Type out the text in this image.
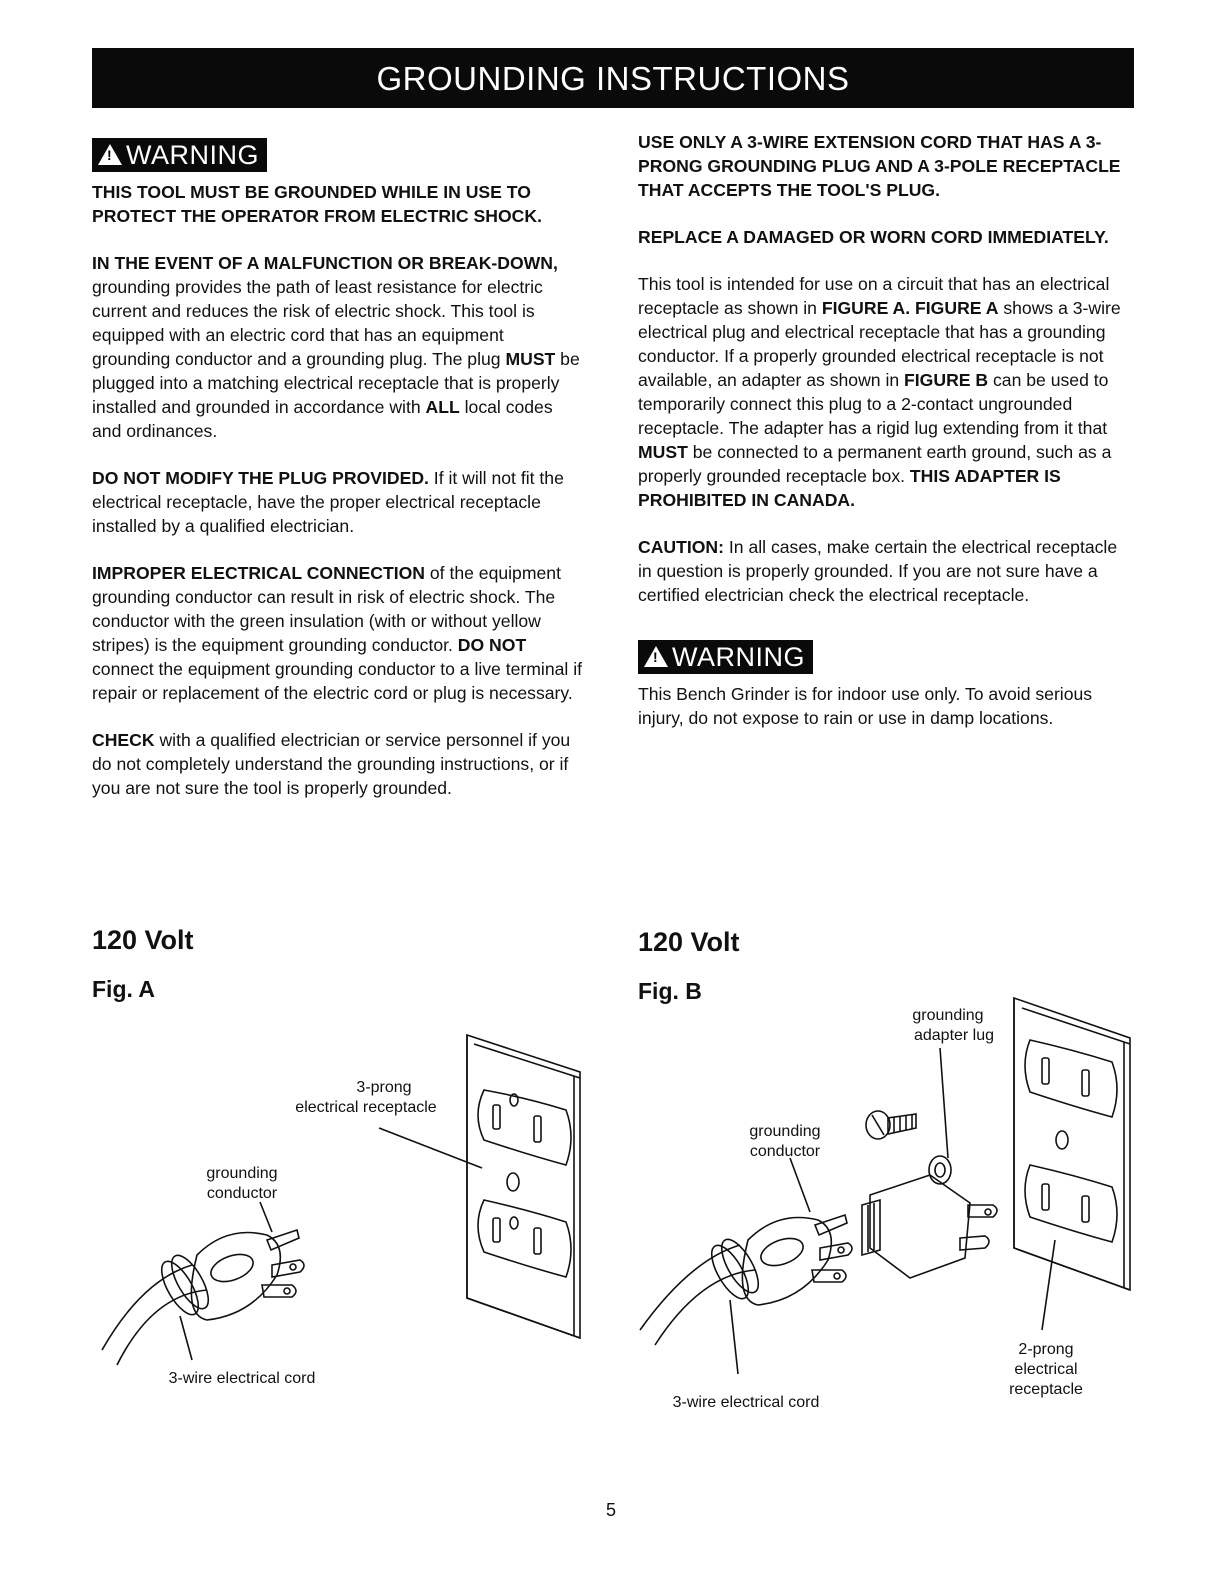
GROUNDING INSTRUCTIONS
!WARNING

THIS TOOL MUST BE GROUNDED WHILE IN USE TO PROTECT THE OPERATOR FROM ELECTRIC SHOCK.

IN THE EVENT OF A MALFUNCTION OR BREAK-DOWN, grounding provides the path of least resistance for electric current and reduces the risk of electric shock. This tool is equipped with an electric cord that has an equipment grounding conductor and a grounding plug. The plug MUST be plugged into a matching electrical receptacle that is properly installed and grounded in accordance with ALL local codes and ordinances.

DO NOT MODIFY THE PLUG PROVIDED. If it will not fit the electrical receptacle, have the proper electrical receptacle installed by a qualified electrician.

IMPROPER ELECTRICAL CONNECTION of the equipment grounding conductor can result in risk of electric shock. The conductor with the green insulation (with or without yellow stripes) is the equipment grounding conductor. DO NOT connect the equipment grounding conductor to a live terminal if repair or replacement of the electric cord or plug is necessary.

CHECK with a qualified electrician or service personnel if you do not completely understand the grounding instructions, or if you are not sure the tool is properly grounded.

USE ONLY A 3-WIRE EXTENSION CORD THAT HAS A 3-PRONG GROUNDING PLUG AND A 3-POLE RECEPTACLE THAT ACCEPTS THE TOOL'S PLUG.

REPLACE A DAMAGED OR WORN CORD IMMEDIATELY.

This tool is intended for use on a circuit that has an electrical receptacle as shown in FIGURE A. FIGURE A shows a 3-wire electrical plug and electrical receptacle that has a grounding conductor. If a properly grounded electrical receptacle is not available, an adapter as shown in FIGURE B can be used to temporarily connect this plug to a 2-contact ungrounded receptacle. The adapter has a rigid lug extending from it that MUST be connected to a permanent earth ground, such as a properly grounded receptacle box. THIS ADAPTER IS PROHIBITED IN CANADA.

CAUTION: In all cases, make certain the electrical receptacle in question is properly grounded. If you are not sure have a certified electrician check the electrical receptacle.

!WARNING

This Bench Grinder is for indoor use only. To avoid serious injury, do not expose to rain or use in damp locations.

120 Volt
Fig. A
120 Volt
Fig. B
3-prong
electrical receptacle
grounding
conductor
3-wire electrical cord
grounding
adapter lug
grounding
conductor
3-wire electrical cord
2-prong
electrical
receptacle
5
